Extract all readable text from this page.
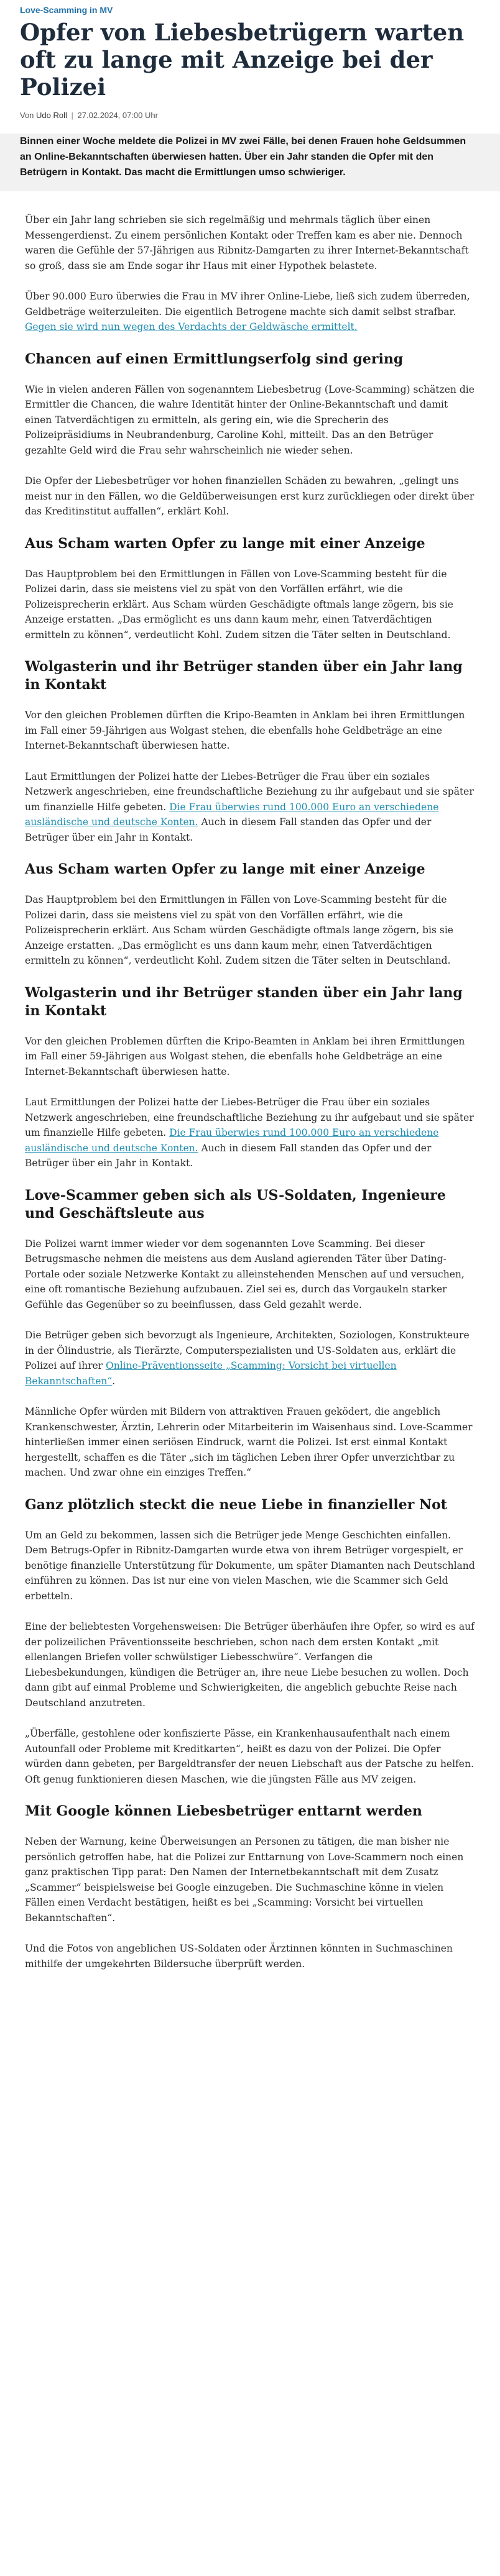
Love-Scamming in MV
Opfer von Liebesbetrügern warten oft zu lange mit Anzeige bei der Polizei
Von Udo Roll | 27.02.2024, 07:00 Uhr

Binnen einer Woche meldete die Polizei in MV zwei Fälle, bei denen Frauen hohe Geldsummen an Online-Bekanntschaften überwiesen hatten. Über ein Jahr standen die Opfer mit den Betrügern in Kontakt. Das macht die Ermittlungen umso schwieriger.

Über ein Jahr lang schrieben sie sich regelmäßig und mehrmals täglich über einen Messengerdienst. Zu einem persönlichen Kontakt oder Treffen kam es aber nie. Dennoch waren die Gefühle der 57-Jährigen aus Ribnitz-Damgarten zu ihrer Internet-Bekanntschaft so groß, dass sie am Ende sogar ihr Haus mit einer Hypothek belastete.

Über 90.000 Euro überwies die Frau in MV ihrer Online-Liebe, ließ sich zudem überreden, Geldbeträge weiterzuleiten. Die eigentlich Betrogene machte sich damit selbst strafbar. Gegen sie wird nun wegen des Verdachts der Geldwäsche ermittelt.

Chancen auf einen Ermittlungserfolg sind gering

Wie in vielen anderen Fällen von sogenanntem Liebesbetrug (Love-Scamming) schätzen die Ermittler die Chancen, die wahre Identität hinter der Online-Bekanntschaft und damit einen Tatverdächtigen zu ermitteln, als gering ein, wie die Sprecherin des Polizeipräsidiums in Neubrandenburg, Caroline Kohl, mitteilt. Das an den Betrüger gezahlte Geld wird die Frau sehr wahrscheinlich nie wieder sehen.

Die Opfer der Liebesbetrüger vor hohen finanziellen Schäden zu bewahren, „gelingt uns meist nur in den Fällen, wo die Geldüberweisungen erst kurz zurückliegen oder direkt über das Kreditinstitut auffallen“, erklärt Kohl.

Aus Scham warten Opfer zu lange mit einer Anzeige

Das Hauptproblem bei den Ermittlungen in Fällen von Love-Scamming besteht für die Polizei darin, dass sie meistens viel zu spät von den Vorfällen erfährt, wie die Polizeisprecherin erklärt. Aus Scham würden Geschädigte oftmals lange zögern, bis sie Anzeige erstatten. „Das ermöglicht es uns dann kaum mehr, einen Tatverdächtigen ermitteln zu können“, verdeutlicht Kohl. Zudem sitzen die Täter selten in Deutschland.

Wolgasterin und ihr Betrüger standen über ein Jahr lang in Kontakt

Vor den gleichen Problemen dürften die Kripo-Beamten in Anklam bei ihren Ermittlungen im Fall einer 59-Jährigen aus Wolgast stehen, die ebenfalls hohe Geldbeträge an eine Internet-Bekanntschaft überwiesen hatte.

Laut Ermittlungen der Polizei hatte der Liebes-Betrüger die Frau über ein soziales Netzwerk angeschrieben, eine freundschaftliche Beziehung zu ihr aufgebaut und sie später um finanzielle Hilfe gebeten. Die Frau überwies rund 100.000 Euro an verschiedene ausländische und deutsche Konten. Auch in diesem Fall standen das Opfer und der Betrüger über ein Jahr in Kontakt.

Aus Scham warten Opfer zu lange mit einer Anzeige

Das Hauptproblem bei den Ermittlungen in Fällen von Love-Scamming besteht für die Polizei darin, dass sie meistens viel zu spät von den Vorfällen erfährt, wie die Polizeisprecherin erklärt. Aus Scham würden Geschädigte oftmals lange zögern, bis sie Anzeige erstatten. „Das ermöglicht es uns dann kaum mehr, einen Tatverdächtigen ermitteln zu können“, verdeutlicht Kohl. Zudem sitzen die Täter selten in Deutschland.

Wolgasterin und ihr Betrüger standen über ein Jahr lang in Kontakt

Vor den gleichen Problemen dürften die Kripo-Beamten in Anklam bei ihren Ermittlungen im Fall einer 59-Jährigen aus Wolgast stehen, die ebenfalls hohe Geldbeträge an eine Internet-Bekanntschaft überwiesen hatte.

Laut Ermittlungen der Polizei hatte der Liebes-Betrüger die Frau über ein soziales Netzwerk angeschrieben, eine freundschaftliche Beziehung zu ihr aufgebaut und sie später um finanzielle Hilfe gebeten. Die Frau überwies rund 100.000 Euro an verschiedene ausländische und deutsche Konten. Auch in diesem Fall standen das Opfer und der Betrüger über ein Jahr in Kontakt.

Love-Scammer geben sich als US-Soldaten, Ingenieure und Geschäftsleute aus

Die Polizei warnt immer wieder vor dem sogenannten Love Scamming. Bei dieser Betrugsmasche nehmen die meistens aus dem Ausland agierenden Täter über Dating-Portale oder soziale Netzwerke Kontakt zu alleinstehenden Menschen auf und versuchen, eine oft romantische Beziehung aufzubauen. Ziel sei es, durch das Vorgaukeln starker Gefühle das Gegenüber so zu beeinflussen, dass Geld gezahlt werde.

Die Betrüger geben sich bevorzugt als Ingenieure, Architekten, Soziologen, Konstrukteure in der Ölindustrie, als Tierärzte, Computerspezialisten und US-Soldaten aus, erklärt die Polizei auf ihrer Online-Präventionsseite „Scamming: Vorsicht bei virtuellen Bekanntschaften“.

Männliche Opfer würden mit Bildern von attraktiven Frauen geködert, die angeblich Krankenschwester, Ärztin, Lehrerin oder Mitarbeiterin im Waisenhaus sind. Love-Scammer hinterließen immer einen seriösen Eindruck, warnt die Polizei. Ist erst einmal Kontakt hergestellt, schaffen es die Täter „sich im täglichen Leben ihrer Opfer unverzichtbar zu machen. Und zwar ohne ein einziges Treffen.“

Ganz plötzlich steckt die neue Liebe in finanzieller Not

Um an Geld zu bekommen, lassen sich die Betrüger jede Menge Geschichten einfallen. Dem Betrugs-Opfer in Ribnitz-Damgarten wurde etwa von ihrem Betrüger vorgespielt, er benötige finanzielle Unterstützung für Dokumente, um später Diamanten nach Deutschland einführen zu können. Das ist nur eine von vielen Maschen, wie die Scammer sich Geld erbetteln.

Eine der beliebtesten Vorgehensweisen: Die Betrüger überhäufen ihre Opfer, so wird es auf der polizeilichen Präventionsseite beschrieben, schon nach dem ersten Kontakt „mit ellenlangen Briefen voller schwülstiger Liebesschwüre“. Verfangen die Liebesbekundungen, kündigen die Betrüger an, ihre neue Liebe besuchen zu wollen. Doch dann gibt auf einmal Probleme und Schwierigkeiten, die angeblich gebuchte Reise nach Deutschland anzutreten.

„Überfälle, gestohlene oder konfiszierte Pässe, ein Krankenhausaufenthalt nach einem Autounfall oder Probleme mit Kreditkarten“, heißt es dazu von der Polizei. Die Opfer würden dann gebeten, per Bargeldtransfer der neuen Liebschaft aus der Patsche zu helfen. Oft genug funktionieren diesen Maschen, wie die jüngsten Fälle aus MV zeigen.

Mit Google können Liebesbetrüger enttarnt werden

Neben der Warnung, keine Überweisungen an Personen zu tätigen, die man bisher nie persönlich getroffen habe, hat die Polizei zur Enttarnung von Love-Scammern noch einen ganz praktischen Tipp parat: Den Namen der Internetbekanntschaft mit dem Zusatz „Scammer“ beispielsweise bei Google einzugeben. Die Suchmaschine könne in vielen Fällen einen Verdacht bestätigen, heißt es bei „Scamming: Vorsicht bei virtuellen Bekanntschaften“.

Und die Fotos von angeblichen US-Soldaten oder Ärztinnen könnten in Suchmaschinen mithilfe der umgekehrten Bildersuche überprüft werden.
